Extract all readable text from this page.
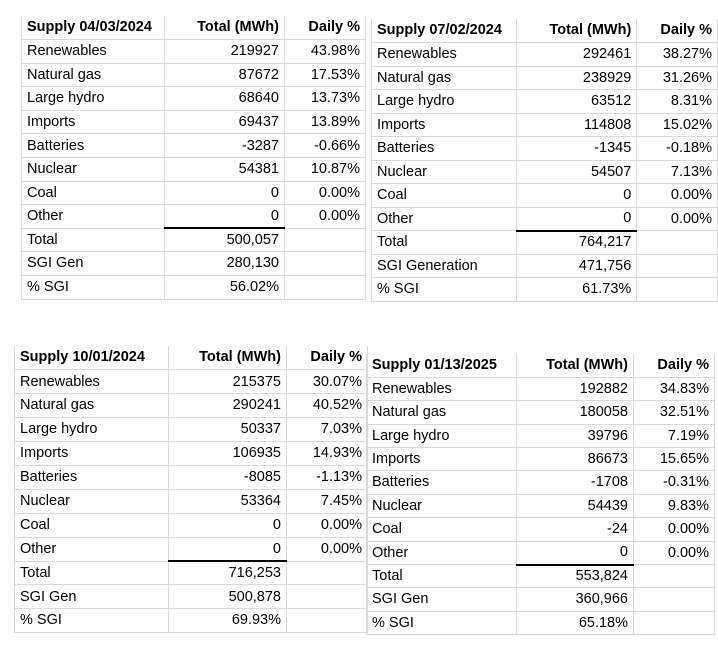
Supply 04/03/2024	Total (MWh)	Daily %
Renewables	219927	43.98%
Natural gas	87672	17.53%
Large hydro	68640	13.73%
Imports	69437	13.89%
Batteries	-3287	-0.66%
Nuclear	54381	10.87%
Coal	0	0.00%
Other	0	0.00%
Total	500,057	
SGI Gen	280,130	
% SGI	56.02%	
Supply 07/02/2024	Total (MWh)	Daily %
Renewables	292461	38.27%
Natural gas	238929	31.26%
Large hydro	63512	8.31%
Imports	114808	15.02%
Batteries	-1345	-0.18%
Nuclear	54507	7.13%
Coal	0	0.00%
Other	0	0.00%
Total	764,217	
SGI Generation	471,756	
% SGI	61.73%	
Supply 10/01/2024	Total (MWh)	Daily %
Renewables	215375	30.07%
Natural gas	290241	40.52%
Large hydro	50337	7.03%
Imports	106935	14.93%
Batteries	-8085	-1.13%
Nuclear	53364	7.45%
Coal	0	0.00%
Other	0	0.00%
Total	716,253	
SGI Gen	500,878	
% SGI	69.93%	
Supply 01/13/2025	Total (MWh)	Daily %
Renewables	192882	34.83%
Natural gas	180058	32.51%
Large hydro	39796	7.19%
Imports	86673	15.65%
Batteries	-1708	-0.31%
Nuclear	54439	9.83%
Coal	-24	0.00%
Other	0	0.00%
Total	553,824	
SGI Gen	360,966	
% SGI	65.18%	
